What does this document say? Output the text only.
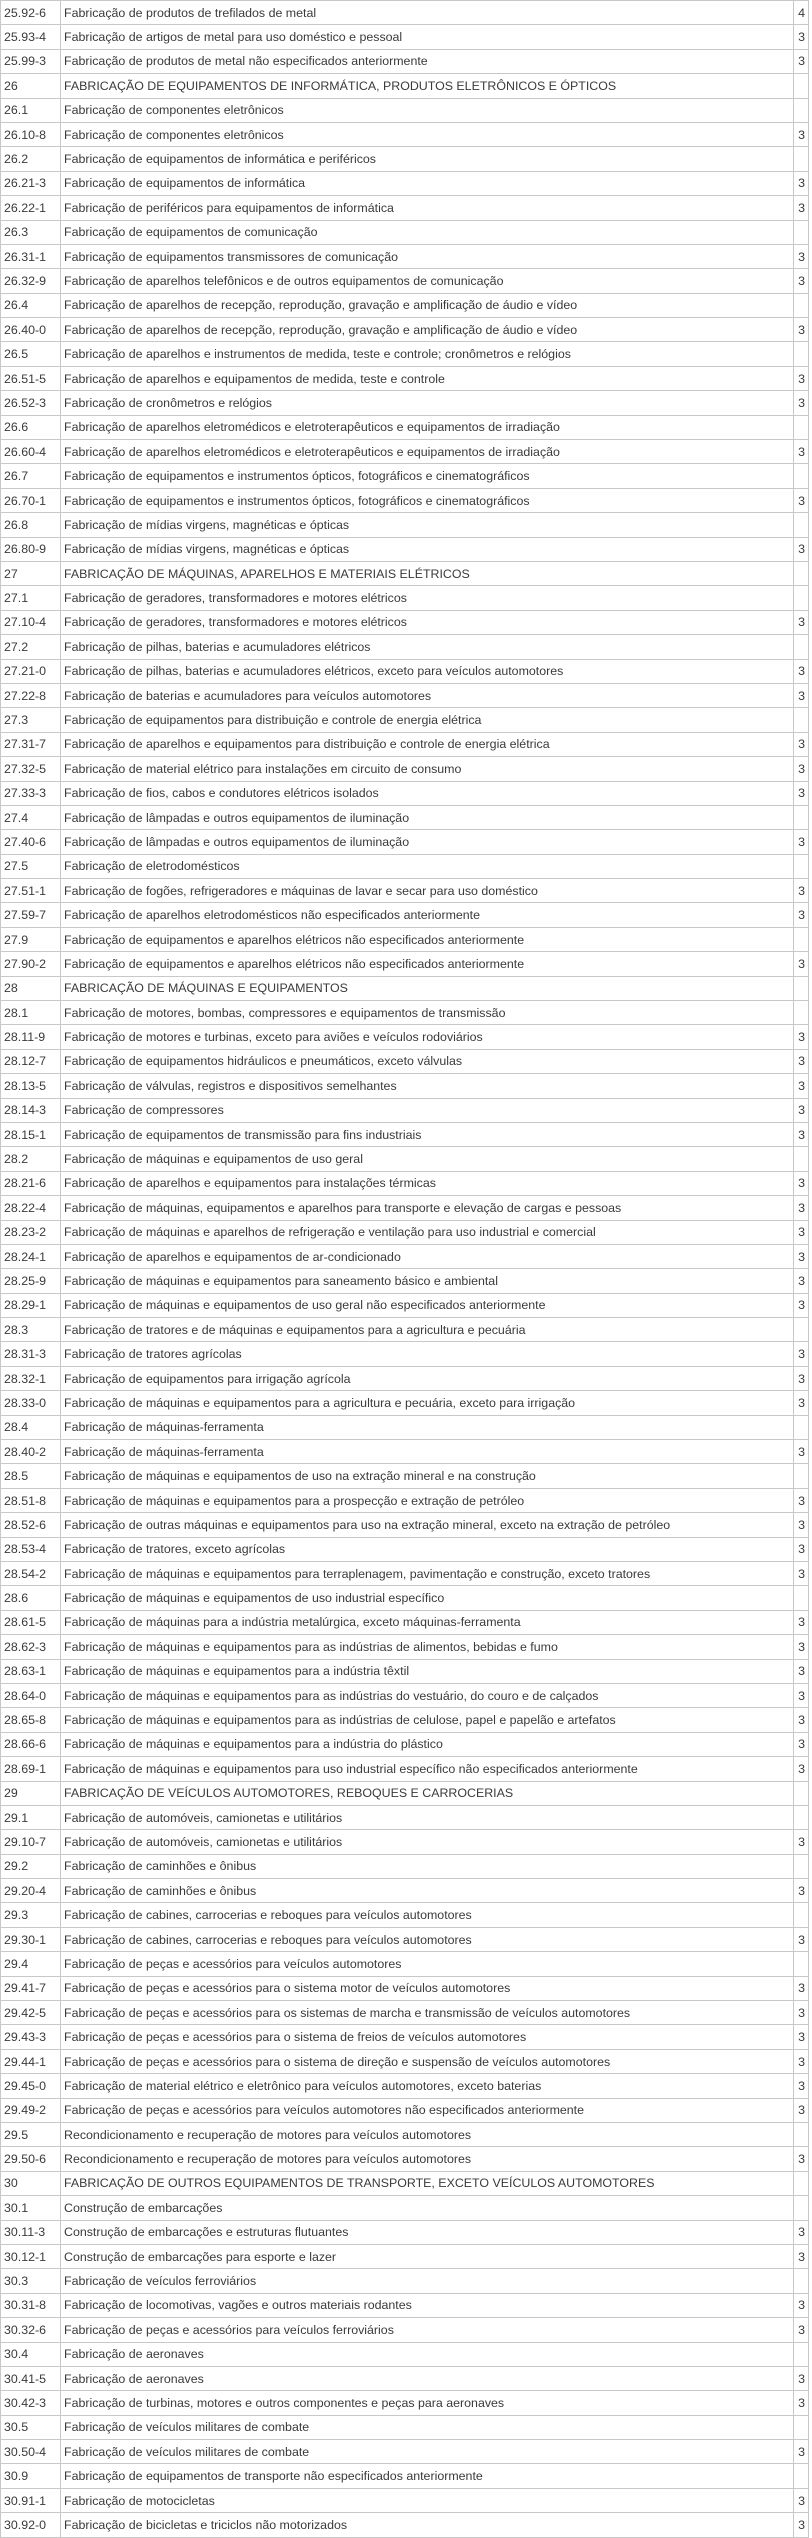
25.92-6	Fabricação de produtos de trefilados de metal	4
25.93-4	Fabricação de artigos de metal para uso doméstico e pessoal	3
25.99-3	Fabricação de produtos de metal não especificados anteriormente	3
26	FABRICAÇÃO DE EQUIPAMENTOS DE INFORMÁTICA, PRODUTOS ELETRÔNICOS E ÓPTICOS	
26.1	Fabricação de componentes eletrônicos	
26.10-8	Fabricação de componentes eletrônicos	3
26.2	Fabricação de equipamentos de informática e periféricos	
26.21-3	Fabricação de equipamentos de informática	3
26.22-1	Fabricação de periféricos para equipamentos de informática	3
26.3	Fabricação de equipamentos de comunicação	
26.31-1	Fabricação de equipamentos transmissores de comunicação	3
26.32-9	Fabricação de aparelhos telefônicos e de outros equipamentos de comunicação	3
26.4	Fabricação de aparelhos de recepção, reprodução, gravação e amplificação de áudio e vídeo	
26.40-0	Fabricação de aparelhos de recepção, reprodução, gravação e amplificação de áudio e vídeo	3
26.5	Fabricação de aparelhos e instrumentos de medida, teste e controle; cronômetros e relógios	
26.51-5	Fabricação de aparelhos e equipamentos de medida, teste e controle	3
26.52-3	Fabricação de cronômetros e relógios	3
26.6	Fabricação de aparelhos eletromédicos e eletroterapêuticos e equipamentos de irradiação	
26.60-4	Fabricação de aparelhos eletromédicos e eletroterapêuticos e equipamentos de irradiação	3
26.7	Fabricação de equipamentos e instrumentos ópticos, fotográficos e cinematográficos	
26.70-1	Fabricação de equipamentos e instrumentos ópticos, fotográficos e cinematográficos	3
26.8	Fabricação de mídias virgens, magnéticas e ópticas	
26.80-9	Fabricação de mídias virgens, magnéticas e ópticas	3
27	FABRICAÇÃO DE MÁQUINAS, APARELHOS E MATERIAIS ELÉTRICOS	
27.1	Fabricação de geradores, transformadores e motores elétricos	
27.10-4	Fabricação de geradores, transformadores e motores elétricos	3
27.2	Fabricação de pilhas, baterias e acumuladores elétricos	
27.21-0	Fabricação de pilhas, baterias e acumuladores elétricos, exceto para veículos automotores	3
27.22-8	Fabricação de baterias e acumuladores para veículos automotores	3
27.3	Fabricação de equipamentos para distribuição e controle de energia elétrica	
27.31-7	Fabricação de aparelhos e equipamentos para distribuição e controle de energia elétrica	3
27.32-5	Fabricação de material elétrico para instalações em circuito de consumo	3
27.33-3	Fabricação de fios, cabos e condutores elétricos isolados	3
27.4	Fabricação de lâmpadas e outros equipamentos de iluminação	
27.40-6	Fabricação de lâmpadas e outros equipamentos de iluminação	3
27.5	Fabricação de eletrodomésticos	
27.51-1	Fabricação de fogões, refrigeradores e máquinas de lavar e secar para uso doméstico	3
27.59-7	Fabricação de aparelhos eletrodomésticos não especificados anteriormente	3
27.9	Fabricação de equipamentos e aparelhos elétricos não especificados anteriormente	
27.90-2	Fabricação de equipamentos e aparelhos elétricos não especificados anteriormente	3
28	FABRICAÇÃO DE MÁQUINAS E EQUIPAMENTOS	
28.1	Fabricação de motores, bombas, compressores e equipamentos de transmissão	
28.11-9	Fabricação de motores e turbinas, exceto para aviões e veículos rodoviários	3
28.12-7	Fabricação de equipamentos hidráulicos e pneumáticos, exceto válvulas	3
28.13-5	Fabricação de válvulas, registros e dispositivos semelhantes	3
28.14-3	Fabricação de compressores	3
28.15-1	Fabricação de equipamentos de transmissão para fins industriais	3
28.2	Fabricação de máquinas e equipamentos de uso geral	
28.21-6	Fabricação de aparelhos e equipamentos para instalações térmicas	3
28.22-4	Fabricação de máquinas, equipamentos e aparelhos para transporte e elevação de cargas e pessoas	3
28.23-2	Fabricação de máquinas e aparelhos de refrigeração e ventilação para uso industrial e comercial	3
28.24-1	Fabricação de aparelhos e equipamentos de ar-condicionado	3
28.25-9	Fabricação de máquinas e equipamentos para saneamento básico e ambiental	3
28.29-1	Fabricação de máquinas e equipamentos de uso geral não especificados anteriormente	3
28.3	Fabricação de tratores e de máquinas e equipamentos para a agricultura e pecuária	
28.31-3	Fabricação de tratores agrícolas	3
28.32-1	Fabricação de equipamentos para irrigação agrícola	3
28.33-0	Fabricação de máquinas e equipamentos para a agricultura e pecuária, exceto para irrigação	3
28.4	Fabricação de máquinas-ferramenta	
28.40-2	Fabricação de máquinas-ferramenta	3
28.5	Fabricação de máquinas e equipamentos de uso na extração mineral e na construção	
28.51-8	Fabricação de máquinas e equipamentos para a prospecção e extração de petróleo	3
28.52-6	Fabricação de outras máquinas e equipamentos para uso na extração mineral, exceto na extração de petróleo	3
28.53-4	Fabricação de tratores, exceto agrícolas	3
28.54-2	Fabricação de máquinas e equipamentos para terraplenagem, pavimentação e construção, exceto tratores	3
28.6	Fabricação de máquinas e equipamentos de uso industrial específico	
28.61-5	Fabricação de máquinas para a indústria metalúrgica, exceto máquinas-ferramenta	3
28.62-3	Fabricação de máquinas e equipamentos para as indústrias de alimentos, bebidas e fumo	3
28.63-1	Fabricação de máquinas e equipamentos para a indústria têxtil	3
28.64-0	Fabricação de máquinas e equipamentos para as indústrias do vestuário, do couro e de calçados	3
28.65-8	Fabricação de máquinas e equipamentos para as indústrias de celulose, papel e papelão e artefatos	3
28.66-6	Fabricação de máquinas e equipamentos para a indústria do plástico	3
28.69-1	Fabricação de máquinas e equipamentos para uso industrial específico não especificados anteriormente	3
29	FABRICAÇÃO DE VEÍCULOS AUTOMOTORES, REBOQUES E CARROCERIAS	
29.1	Fabricação de automóveis, camionetas e utilitários	
29.10-7	Fabricação de automóveis, camionetas e utilitários	3
29.2	Fabricação de caminhões e ônibus	
29.20-4	Fabricação de caminhões e ônibus	3
29.3	Fabricação de cabines, carrocerias e reboques para veículos automotores	
29.30-1	Fabricação de cabines, carrocerias e reboques para veículos automotores	3
29.4	Fabricação de peças e acessórios para veículos automotores	
29.41-7	Fabricação de peças e acessórios para o sistema motor de veículos automotores	3
29.42-5	Fabricação de peças e acessórios para os sistemas de marcha e transmissão de veículos automotores	3
29.43-3	Fabricação de peças e acessórios para o sistema de freios de veículos automotores	3
29.44-1	Fabricação de peças e acessórios para o sistema de direção e suspensão de veículos automotores	3
29.45-0	Fabricação de material elétrico e eletrônico para veículos automotores, exceto baterias	3
29.49-2	Fabricação de peças e acessórios para veículos automotores não especificados anteriormente	3
29.5	Recondicionamento e recuperação de motores para veículos automotores	
29.50-6	Recondicionamento e recuperação de motores para veículos automotores	3
30	FABRICAÇÃO DE OUTROS EQUIPAMENTOS DE TRANSPORTE, EXCETO VEÍCULOS AUTOMOTORES	
30.1	Construção de embarcações	
30.11-3	Construção de embarcações e estruturas flutuantes	3
30.12-1	Construção de embarcações para esporte e lazer	3
30.3	Fabricação de veículos ferroviários	
30.31-8	Fabricação de locomotivas, vagões e outros materiais rodantes	3
30.32-6	Fabricação de peças e acessórios para veículos ferroviários	3
30.4	Fabricação de aeronaves	
30.41-5	Fabricação de aeronaves	3
30.42-3	Fabricação de turbinas, motores e outros componentes e peças para aeronaves	3
30.5	Fabricação de veículos militares de combate	
30.50-4	Fabricação de veículos militares de combate	3
30.9	Fabricação de equipamentos de transporte não especificados anteriormente	
30.91-1	Fabricação de motocicletas	3
30.92-0	Fabricação de bicicletas e triciclos não motorizados	3
